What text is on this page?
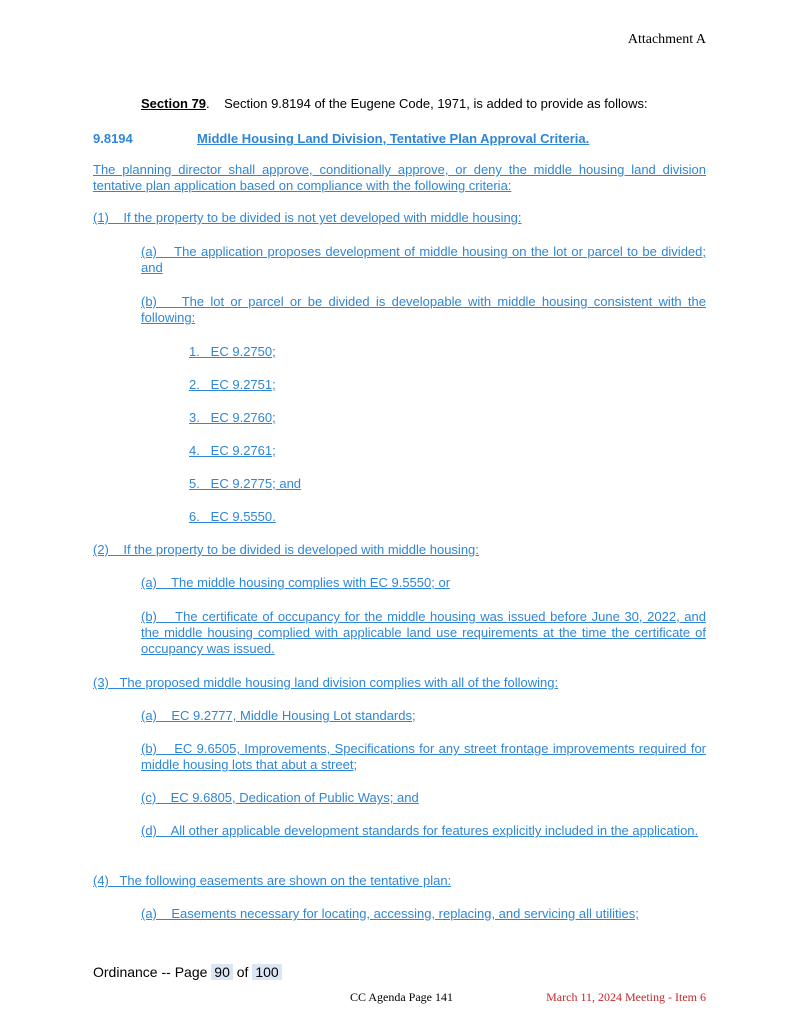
Attachment A
Section 79. Section 9.8194 of the Eugene Code, 1971, is added to provide as follows:
9.8194	Middle Housing Land Division, Tentative Plan Approval Criteria.
The planning director shall approve, conditionally approve, or deny the middle housing land division tentative plan application based on compliance with the following criteria:
(1)    If the property to be divided is not yet developed with middle housing:
(a)    The application proposes development of middle housing on the lot or parcel to be divided; and
(b)    The lot or parcel or be divided is developable with middle housing consistent with the following:
1.   EC 9.2750;
2.   EC 9.2751;
3.   EC 9.2760;
4.   EC 9.2761;
5.   EC 9.2775; and
6.   EC 9.5550.
(2)    If the property to be divided is developed with middle housing:
(a)    The middle housing complies with EC 9.5550; or
(b)    The certificate of occupancy for the middle housing was issued before June 30, 2022, and the middle housing complied with applicable land use requirements at the time the certificate of occupancy was issued.
(3)   The proposed middle housing land division complies with all of the following:
(a)    EC 9.2777, Middle Housing Lot standards;
(b)    EC 9.6505, Improvements, Specifications for any street frontage improvements required for middle housing lots that abut a street;
(c)    EC 9.6805, Dedication of Public Ways; and
(d)    All other applicable development standards for features explicitly included in the application.
(4)   The following easements are shown on the tentative plan:
(a)    Easements necessary for locating, accessing, replacing, and servicing all utilities;
Ordinance -- Page 90 of 100
CC Agenda Page 141	March 11, 2024 Meeting - Item 6
